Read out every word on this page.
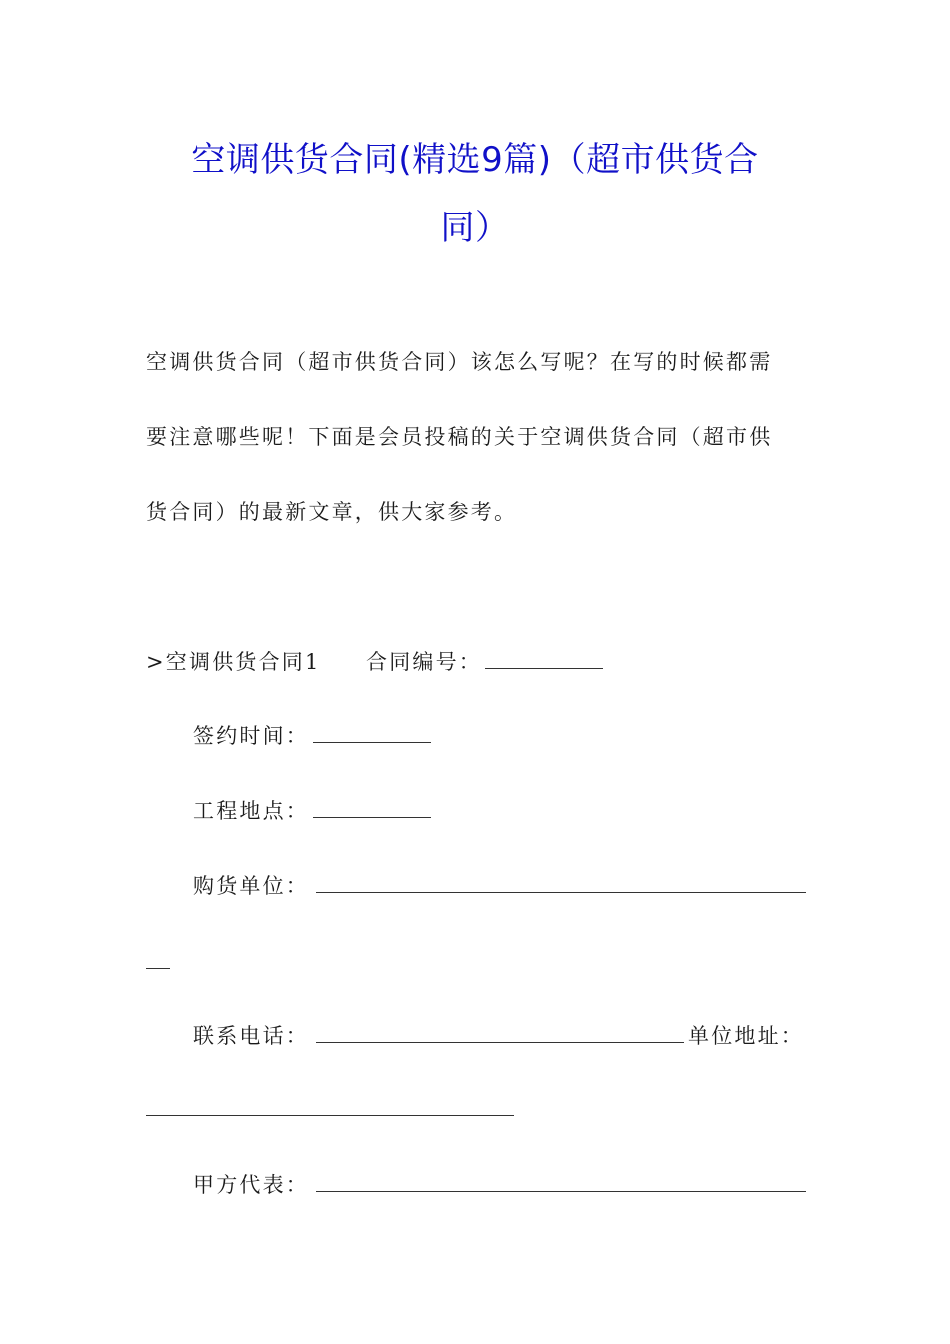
空调供货合同(精选9篇)（超市供货合
同）
空调供货合同（超市供货合同）该怎么写呢？在写的时候都需
要注意哪些呢！下面是会员投稿的关于空调供货合同（超市供
货合同）的最新文章，供大家参考。
>空调供货合同1 合同编号：
签约时间：
工程地点：
购货单位：
联系电话：	单位地址：
甲方代表：
